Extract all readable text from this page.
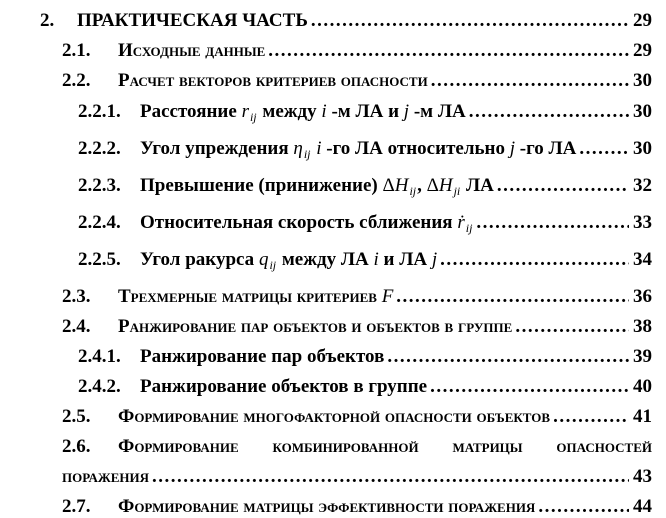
2.	ПРАКТИЧЕСКАЯ ЧАСТЬ .....	29
2.1.	Исходные данные .....	29
2.2.	Расчет векторов критериев опасности .....	30
2.2.1.	Расстояние $r_{ij}$ между i -м ЛА и j -м ЛА .....	30
2.2.2.	Угол упреждения $\eta_{ij}$ i -го ЛА относительно j -го ЛА .....	30
2.2.3.	Превышение (принижение) $\Delta H_{ij}$, $\Delta H_{ji}$ ЛА .....	32
2.2.4.	Относительная скорость сближения ṙ$_{ij}$ .....	33
2.2.5.	Угол ракурса $q_{ij}$ между ЛА i и ЛА j .....	34
2.3.	Трехмерные матрицы критериев F .....	36
2.4.	Ранжирование пар объектов и объектов в группе .....	38
2.4.1.	Ранжирование пар объектов .....	39
2.4.2.	Ранжирование объектов в группе .....	40
2.5.	Формирование многофакторной опасности объектов .....	41
2.6.	Формирование комбинированной матрицы опасностей
поражения .....	43
2.7.	Формирование матрицы эффективности поражения .....	44
